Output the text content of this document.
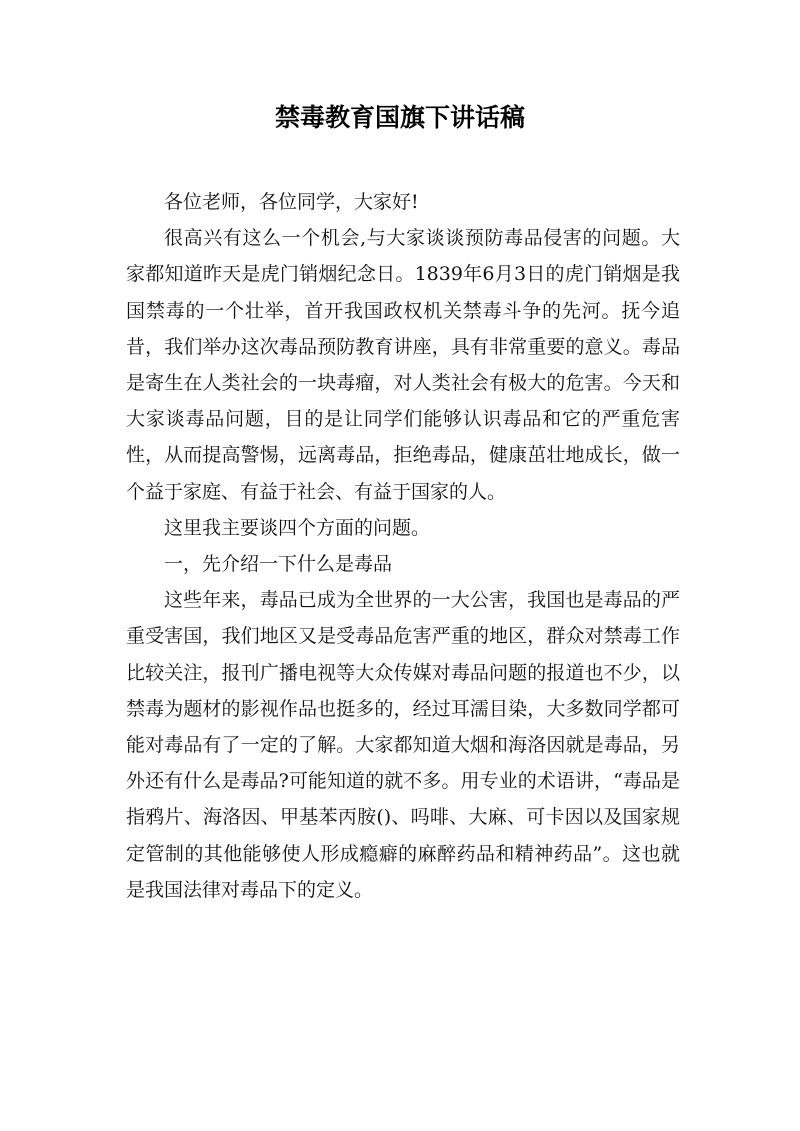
禁毒教育国旗下讲话稿

各位老师，各位同学，大家好!

很高兴有这么一个机会,与大家谈谈预防毒品侵害的问题。大家都知道昨天是虎门销烟纪念日。1839年6月3日的虎门销烟是我国禁毒的一个壮举，首开我国政权机关禁毒斗争的先河。抚今追昔，我们举办这次毒品预防教育讲座，具有非常重要的意义。毒品是寄生在人类社会的一块毒瘤，对人类社会有极大的危害。今天和大家谈毒品问题，目的是让同学们能够认识毒品和它的严重危害性，从而提高警惕，远离毒品，拒绝毒品，健康茁壮地成长，做一个益于家庭、有益于社会、有益于国家的人。

这里我主要谈四个方面的问题。

一，先介绍一下什么是毒品

这些年来，毒品已成为全世界的一大公害，我国也是毒品的严重受害国，我们地区又是受毒品危害严重的地区，群众对禁毒工作比较关注，报刊广播电视等大众传媒对毒品问题的报道也不少，以禁毒为题材的影视作品也挺多的，经过耳濡目染，大多数同学都可能对毒品有了一定的了解。大家都知道大烟和海洛因就是毒品，另外还有什么是毒品?可能知道的就不多。用专业的术语讲，“毒品是指鸦片、海洛因、甲基苯丙胺()、吗啡、大麻、可卡因以及国家规定管制的其他能够使人形成瘾癖的麻醉药品和精神药品”。这也就是我国法律对毒品下的定义。
